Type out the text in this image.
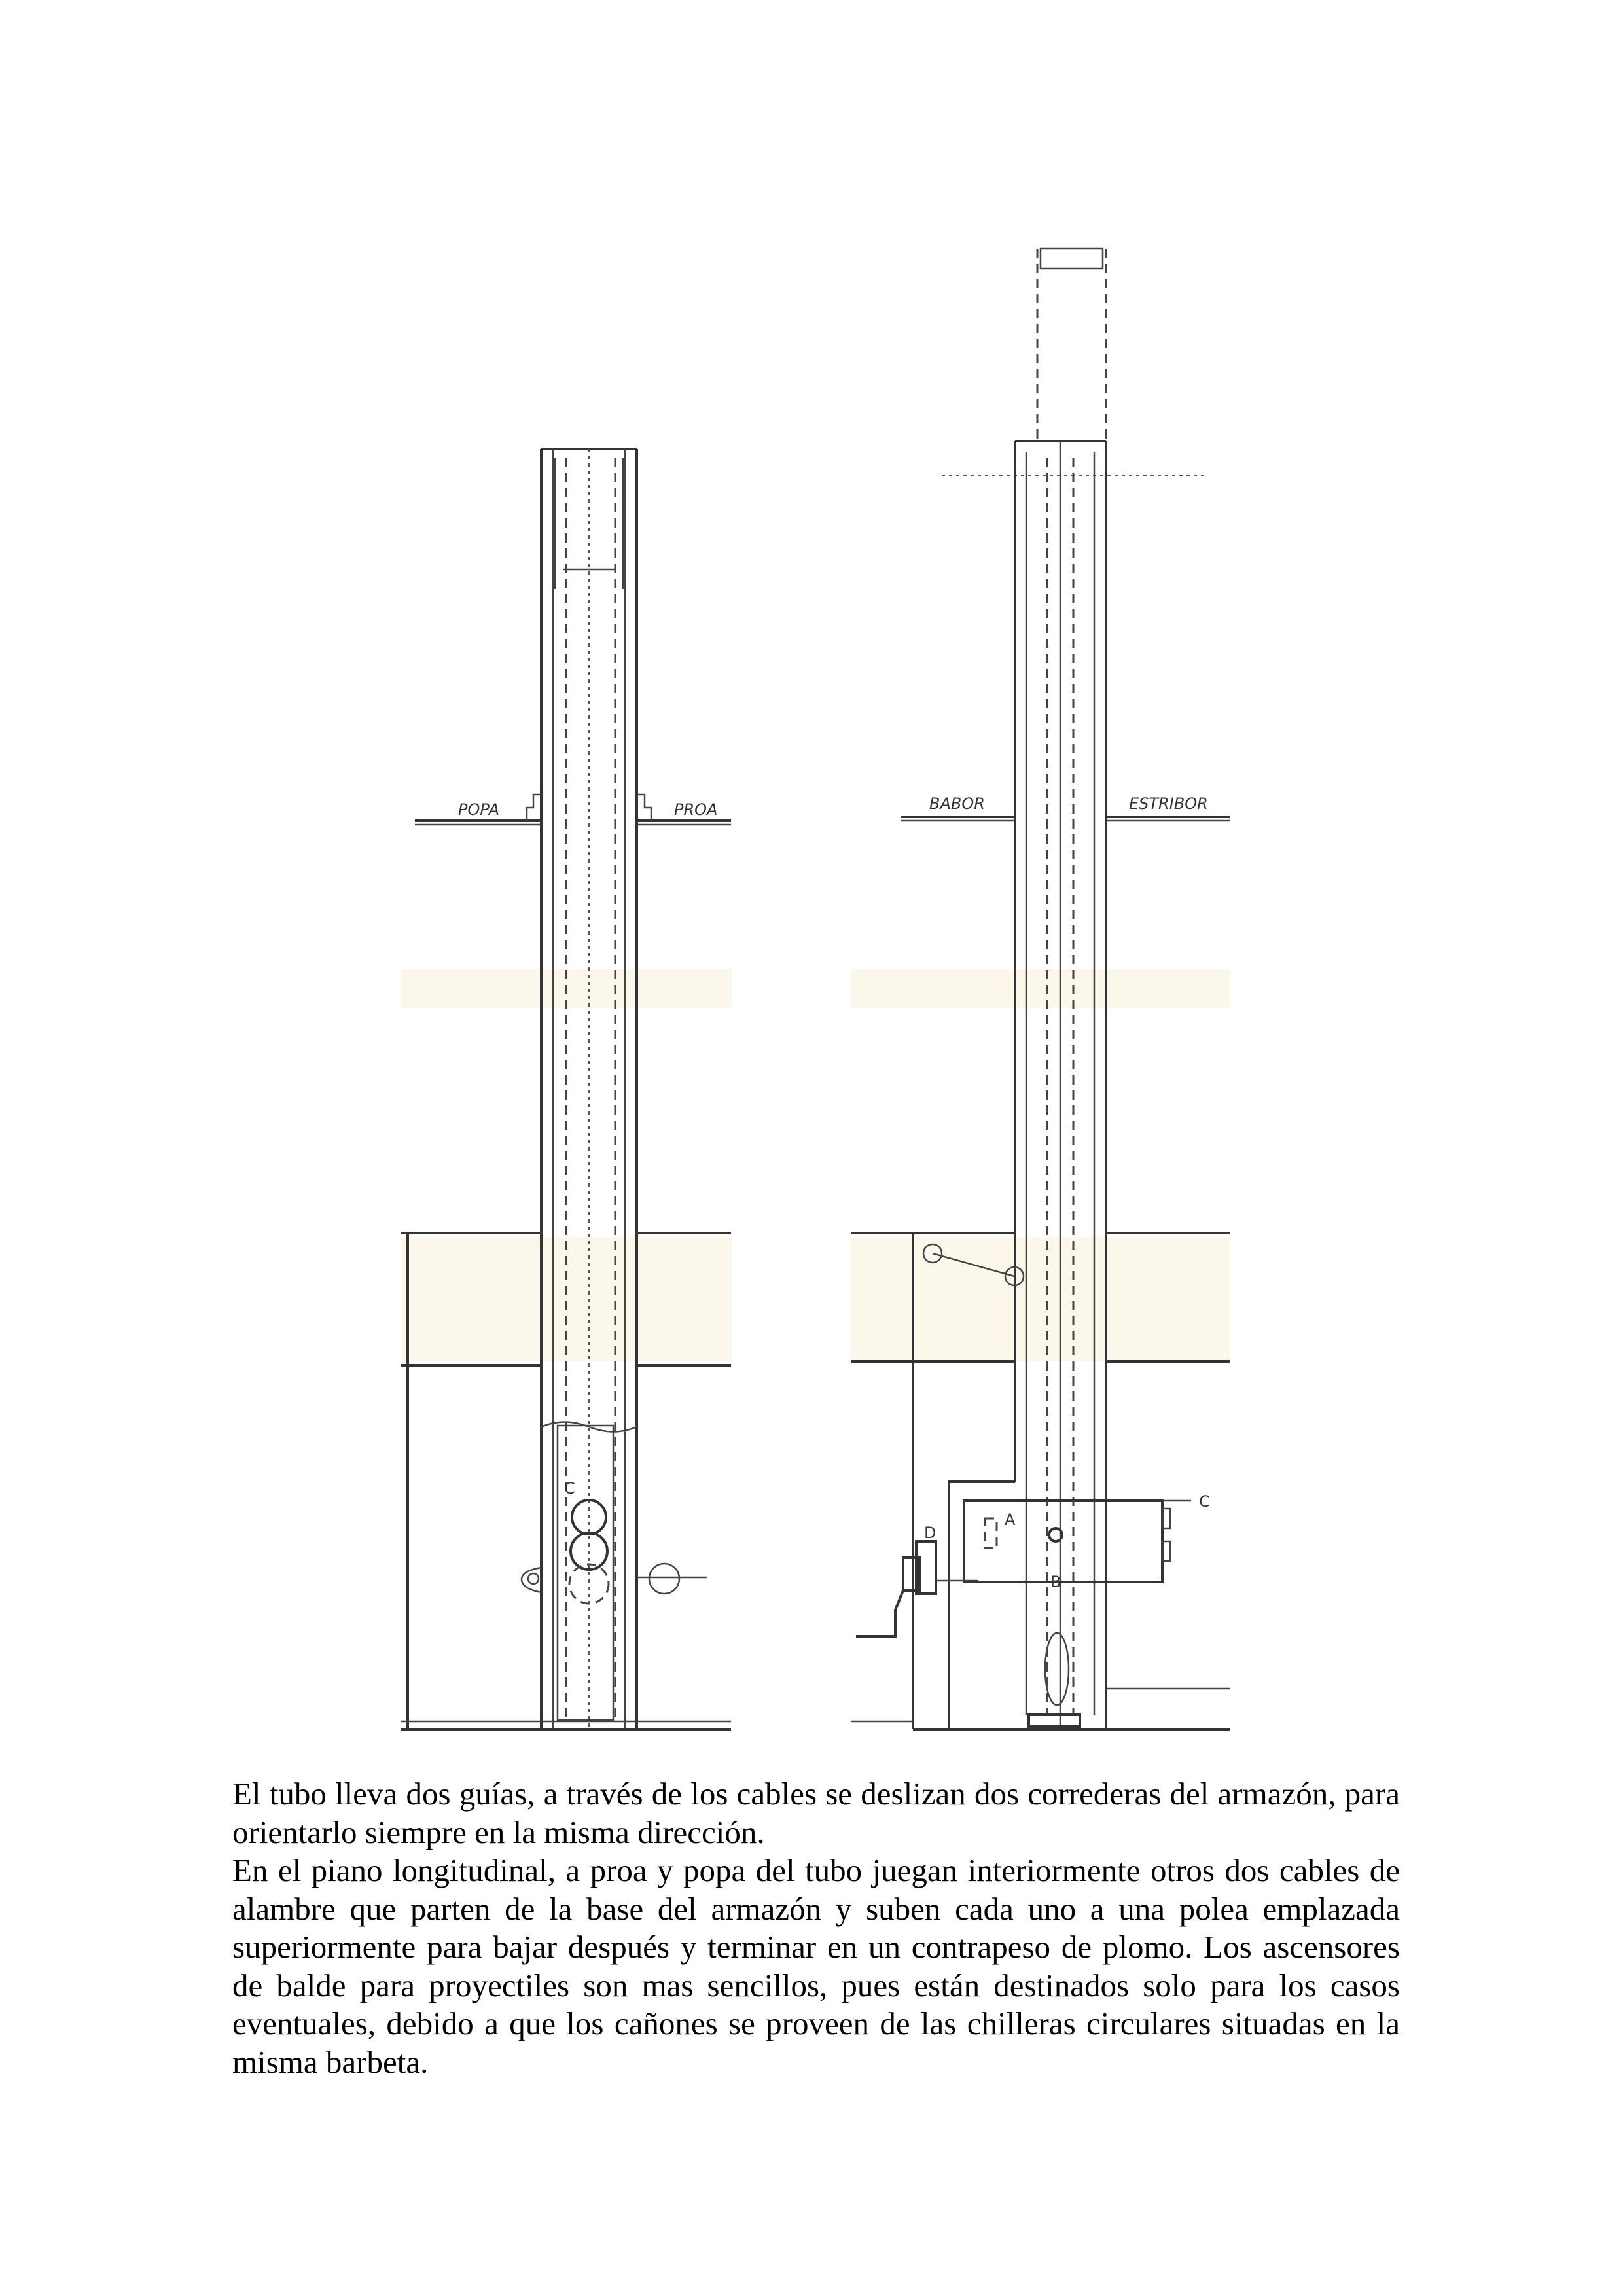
POPA	PROA
C
BABOR	ESTRIBOR
A
B
C
D

El tubo lleva dos guías, a través de los cables se deslizan dos correderas del armazón, para orientarlo siempre en la misma dirección.

En el piano longitudinal, a proa y popa del tubo juegan interiormente otros dos cables de alambre que parten de la base del armazón y suben cada uno a una polea emplazada superiormente para bajar después y terminar en un contrapeso de plomo. Los ascensores de balde para proyectiles son mas sencillos, pues están destinados solo para los casos eventuales, debido a que los cañones se proveen de las chilleras circulares situadas en la misma barbeta.
